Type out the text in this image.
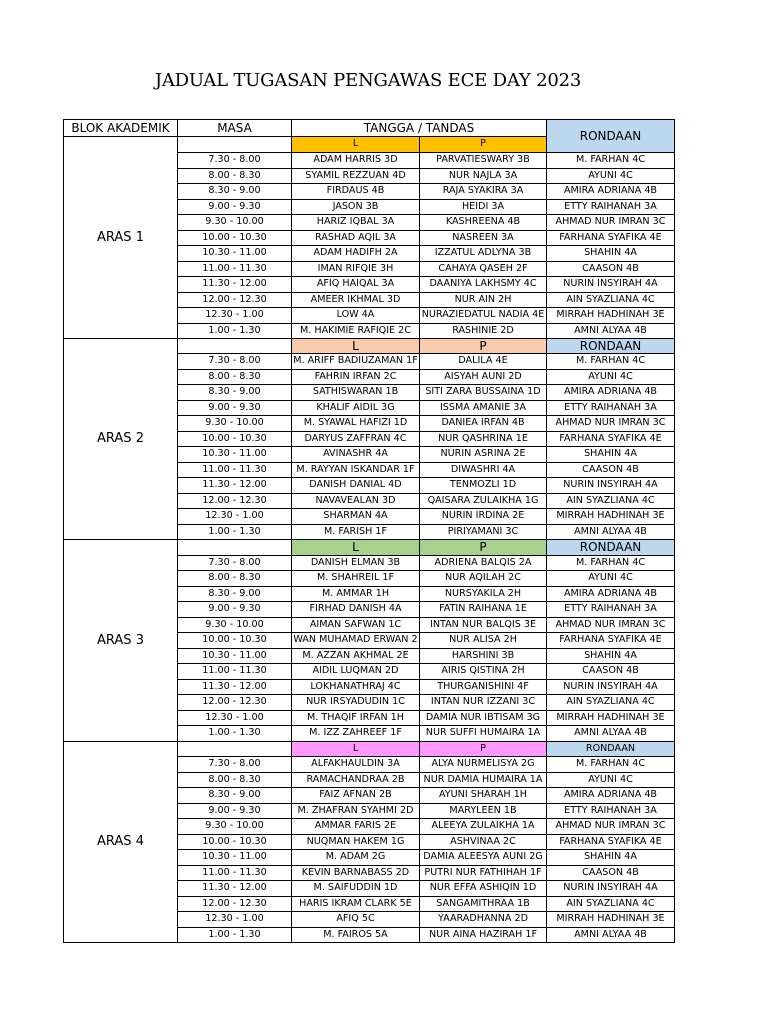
JADUAL TUGASAN PENGAWAS ECE DAY 2023
BLOK AKADEMIK	MASA	TANGGA / TANDAS
RONDAAN
L	P
ARAS 1
7.30 - 8.00	ADAM HARRIS 3D	PARVATIESWARY 3B	M. FARHAN 4C
8.00 - 8.30	SYAMIL REZZUAN 4D	NUR NAJLA 3A	AYUNI 4C
8.30 - 9.00	FIRDAUS 4B	RAJA SYAKIRA 3A	AMIRA ADRIANA 4B
9.00 - 9.30	JASON 3B	HEIDI 3A	ETTY RAIHANAH 3A
9.30 - 10.00	HARIZ IQBAL 3A	KASHREENA 4B	AHMAD NUR IMRAN 3C
10.00 - 10.30	RASHAD AQIL 3A	NASREEN 3A	FARHANA SYAFIKA 4E
10.30 - 11.00	ADAM HADIFH 2A	IZZATUL ADLYNA 3B	SHAHIN 4A
11.00 - 11.30	IMAN RIFQIE 3H	CAHAYA QASEH 2F	CAASON 4B
11.30 - 12.00	AFIQ HAIQAL 3A	DAANIYA LAKHSMY 4C	NURIN INSYIRAH 4A
12.00 - 12.30	AMEER IKHMAL 3D	NUR AIN 2H	AIN SYAZLIANA 4C
12.30 - 1.00	LOW 4A	NURAZIEDATUL NADIA 4E	MIRRAH HADHINAH 3E
1.00 - 1.30	M. HAKIMIE RAFIQIE 2C	RASHINIE 2D	AMNI ALYAA 4B
RONDAAN
L	P
ARAS 2
7.30 - 8.00	M. ARIFF BADIUZAMAN 1F	DALILA 4E	M. FARHAN 4C
8.00 - 8.30	FAHRIN IRFAN 2C	AISYAH AUNI 2D	AYUNI 4C
8.30 - 9.00	SATHISWARAN 1B	SITI ZARA BUSSAINA 1D	AMIRA ADRIANA 4B
9.00 - 9.30	KHALIF AIDIL 3G	ISSMA AMANIE 3A	ETTY RAIHANAH 3A
9.30 - 10.00	M. SYAWAL HAFIZI 1D	DANIEA IRFAN 4B	AHMAD NUR IMRAN 3C
10.00 - 10.30	DARYUS ZAFFRAN 4C	NUR QASHRINA 1E	FARHANA SYAFIKA 4E
10.30 - 11.00	AVINASHR 4A	NURIN ASRINA 2E	SHAHIN 4A
11.00 - 11.30	M. RAYYAN ISKANDAR 1F	DIWASHRI 4A	CAASON 4B
11.30 - 12.00	DANISH DANIAL 4D	TENMOZLI 1D	NURIN INSYIRAH 4A
12.00 - 12.30	NAVAVEALAN 3D	QAISARA ZULAIKHA 1G	AIN SYAZLIANA 4C
12.30 - 1.00	SHARMAN 4A	NURIN IRDINA 2E	MIRRAH HADHINAH 3E
1.00 - 1.30	M. FARISH 1F	PIRIYAMANI 3C	AMNI ALYAA 4B
RONDAAN
L	P
ARAS 3
7.30 - 8.00	DANISH ELMAN 3B	ADRIENA BALQIS 2A	M. FARHAN 4C
8.00 - 8.30	M. SHAHREIL 1F	NUR AQILAH 2C	AYUNI 4C
8.30 - 9.00	M. AMMAR 1H	NURSYAKILA 2H	AMIRA ADRIANA 4B
9.00 - 9.30	FIRHAD DANISH 4A	FATIN RAIHANA 1E	ETTY RAIHANAH 3A
9.30 - 10.00	AIMAN SAFWAN 1C	INTAN NUR BALQIS 3E	AHMAD NUR IMRAN 3C
10.00 - 10.30	WAN MUHAMAD ERWAN 2	NUR ALISA 2H	FARHANA SYAFIKA 4E
10.30 - 11.00	M. AZZAN AKHMAL 2E	HARSHINI 3B	SHAHIN 4A
11.00 - 11.30	AIDIL LUQMAN 2D	AIRIS QISTINA 2H	CAASON 4B
11.30 - 12.00	LOKHANATHRAJ 4C	THURGANISHINI 4F	NURIN INSYIRAH 4A
12.00 - 12.30	NUR IRSYADUDIN 1C	INTAN NUR IZZANI 3C	AIN SYAZLIANA 4C
12.30 - 1.00	M. THAQIF IRFAN 1H	DAMIA NUR IBTISAM 3G	MIRRAH HADHINAH 3E
1.00 - 1.30	M. IZZ ZAHREEF 1F	NUR SUFFI HUMAIRA 1A	AMNI ALYAA 4B
RONDAAN
L	P
ARAS 4
7.30 - 8.00	ALFAKHAULDIN 3A	ALYA NURMELISYA 2G	M. FARHAN 4C
8.00 - 8.30	RAMACHANDRAA 2B	NUR DAMIA HUMAIRA 1A	AYUNI 4C
8.30 - 9.00	FAIZ AFNAN 2B	AYUNI SHARAH 1H	AMIRA ADRIANA 4B
9.00 - 9.30	M. ZHAFRAN SYAHMI 2D	MARYLEEN 1B	ETTY RAIHANAH 3A
9.30 - 10.00	AMMAR FARIS 2E	ALEEYA ZULAIKHA 1A	AHMAD NUR IMRAN 3C
10.00 - 10.30	NUQMAN HAKEM 1G	ASHVINAA 2C	FARHANA SYAFIKA 4E
10.30 - 11.00	M. ADAM 2G	DAMIA ALEESYA AUNI 2G	SHAHIN 4A
11.00 - 11.30	KEVIN BARNABASS 2D	PUTRI NUR FATHIHAH 1F	CAASON 4B
11.30 - 12.00	M. SAIFUDDIN 1D	NUR EFFA ASHIQIN 1D	NURIN INSYIRAH 4A
12.00 - 12.30	HARIS IKRAM CLARK 5E	SANGAMITHRAA 1B	AIN SYAZLIANA 4C
12.30 - 1.00	AFIQ 5C	YAARADHANNA 2D	MIRRAH HADHINAH 3E
1.00 - 1.30	M. FAIROS 5A	NUR AINA HAZIRAH 1F	AMNI ALYAA 4B
